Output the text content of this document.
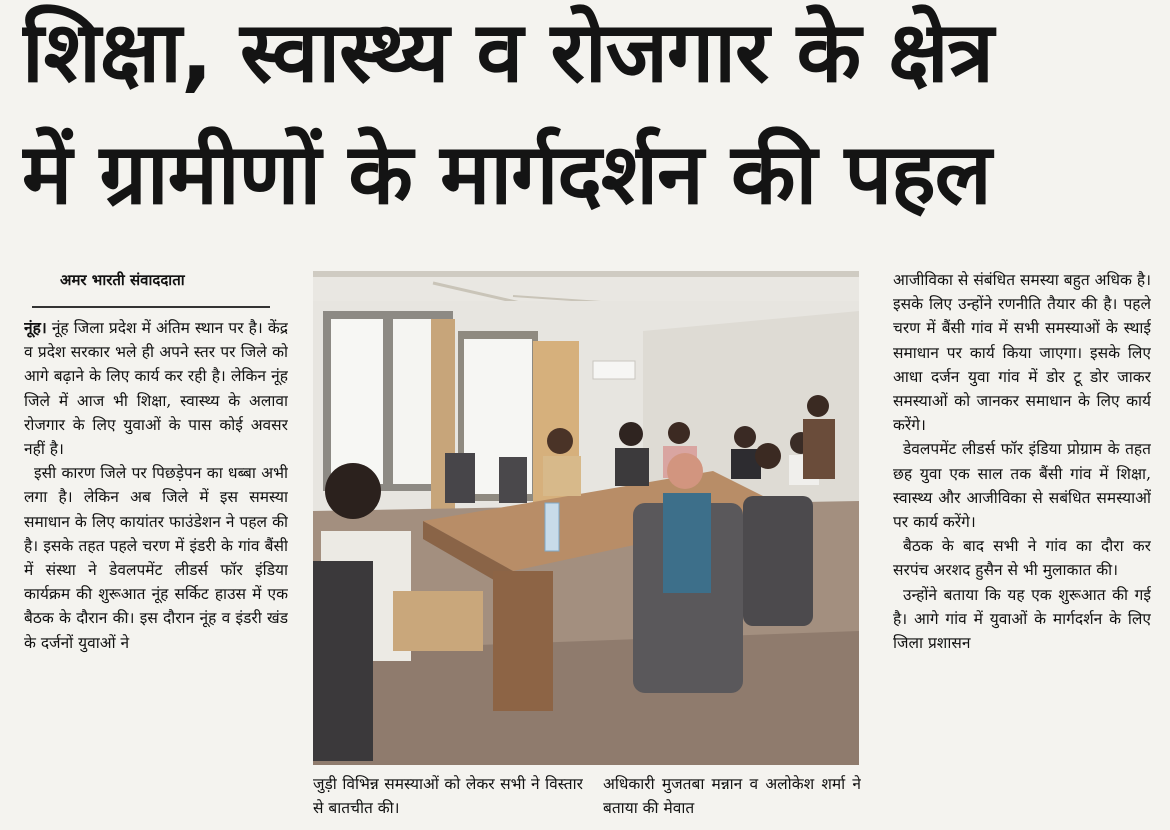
शिक्षा, स्वास्थ्य व रोजगार के क्षेत्र
में ग्रामीणों के मार्गदर्शन की पहल
अमर भारती संवाददाता

नूंह। नूंह जिला प्रदेश में अंतिम स्थान पर है। केंद्र व प्रदेश सरकार भले ही अपने स्तर पर जिले को आगे बढ़ाने के लिए कार्य कर रही है। लेकिन नूंह जिले में आज भी शिक्षा, स्वास्थ्य के अलावा रोजगार के लिए युवाओं के पास कोई अवसर नहीं है।

इसी कारण जिले पर पिछड़ेपन का धब्बा अभी लगा है। लेकिन अब जिले में इस समस्या समाधान के लिए कायांतर फाउंडेशन ने पहल की है। इसके तहत पहले चरण में इंडरी के गांव बैंसी में संस्था ने डेवलपमेंट लीडर्स फॉर इंडिया कार्यक्रम की शुरूआत नूंह सर्किट हाउस में एक बैठक के दौरान की। इस दौरान नूंह व इंडरी खंड के दर्जनों युवाओं ने

जुड़ी विभिन्न समस्याओं को लेकर सभी ने विस्तार से बातचीत की।

अधिकारी मुजतबा मन्नान व अलोकेश शर्मा ने बताया की मेवात

आजीविका से संबंधित समस्या बहुत अधिक है। इसके लिए उन्होंने रणनीति तैयार की है। पहले चरण में बैंसी गांव में सभी समस्याओं के स्थाई समाधान पर कार्य किया जाएगा। इसके लिए आधा दर्जन युवा गांव में डोर टू डोर जाकर समस्याओं को जानकर समाधान के लिए कार्य करेंगे।

डेवलपमेंट लीडर्स फॉर इंडिया प्रोग्राम के तहत छह युवा एक साल तक बैंसी गांव में शिक्षा, स्वास्थ्य और आजीविका से सबंधित समस्याओं पर कार्य करेंगे।

बैठक के बाद सभी ने गांव का दौरा कर सरपंच अरशद हुसैन से भी मुलाकात की।

उन्होंने बताया कि यह एक शुरूआत की गई है। आगे गांव में युवाओं के मार्गदर्शन के लिए जिला प्रशासन
